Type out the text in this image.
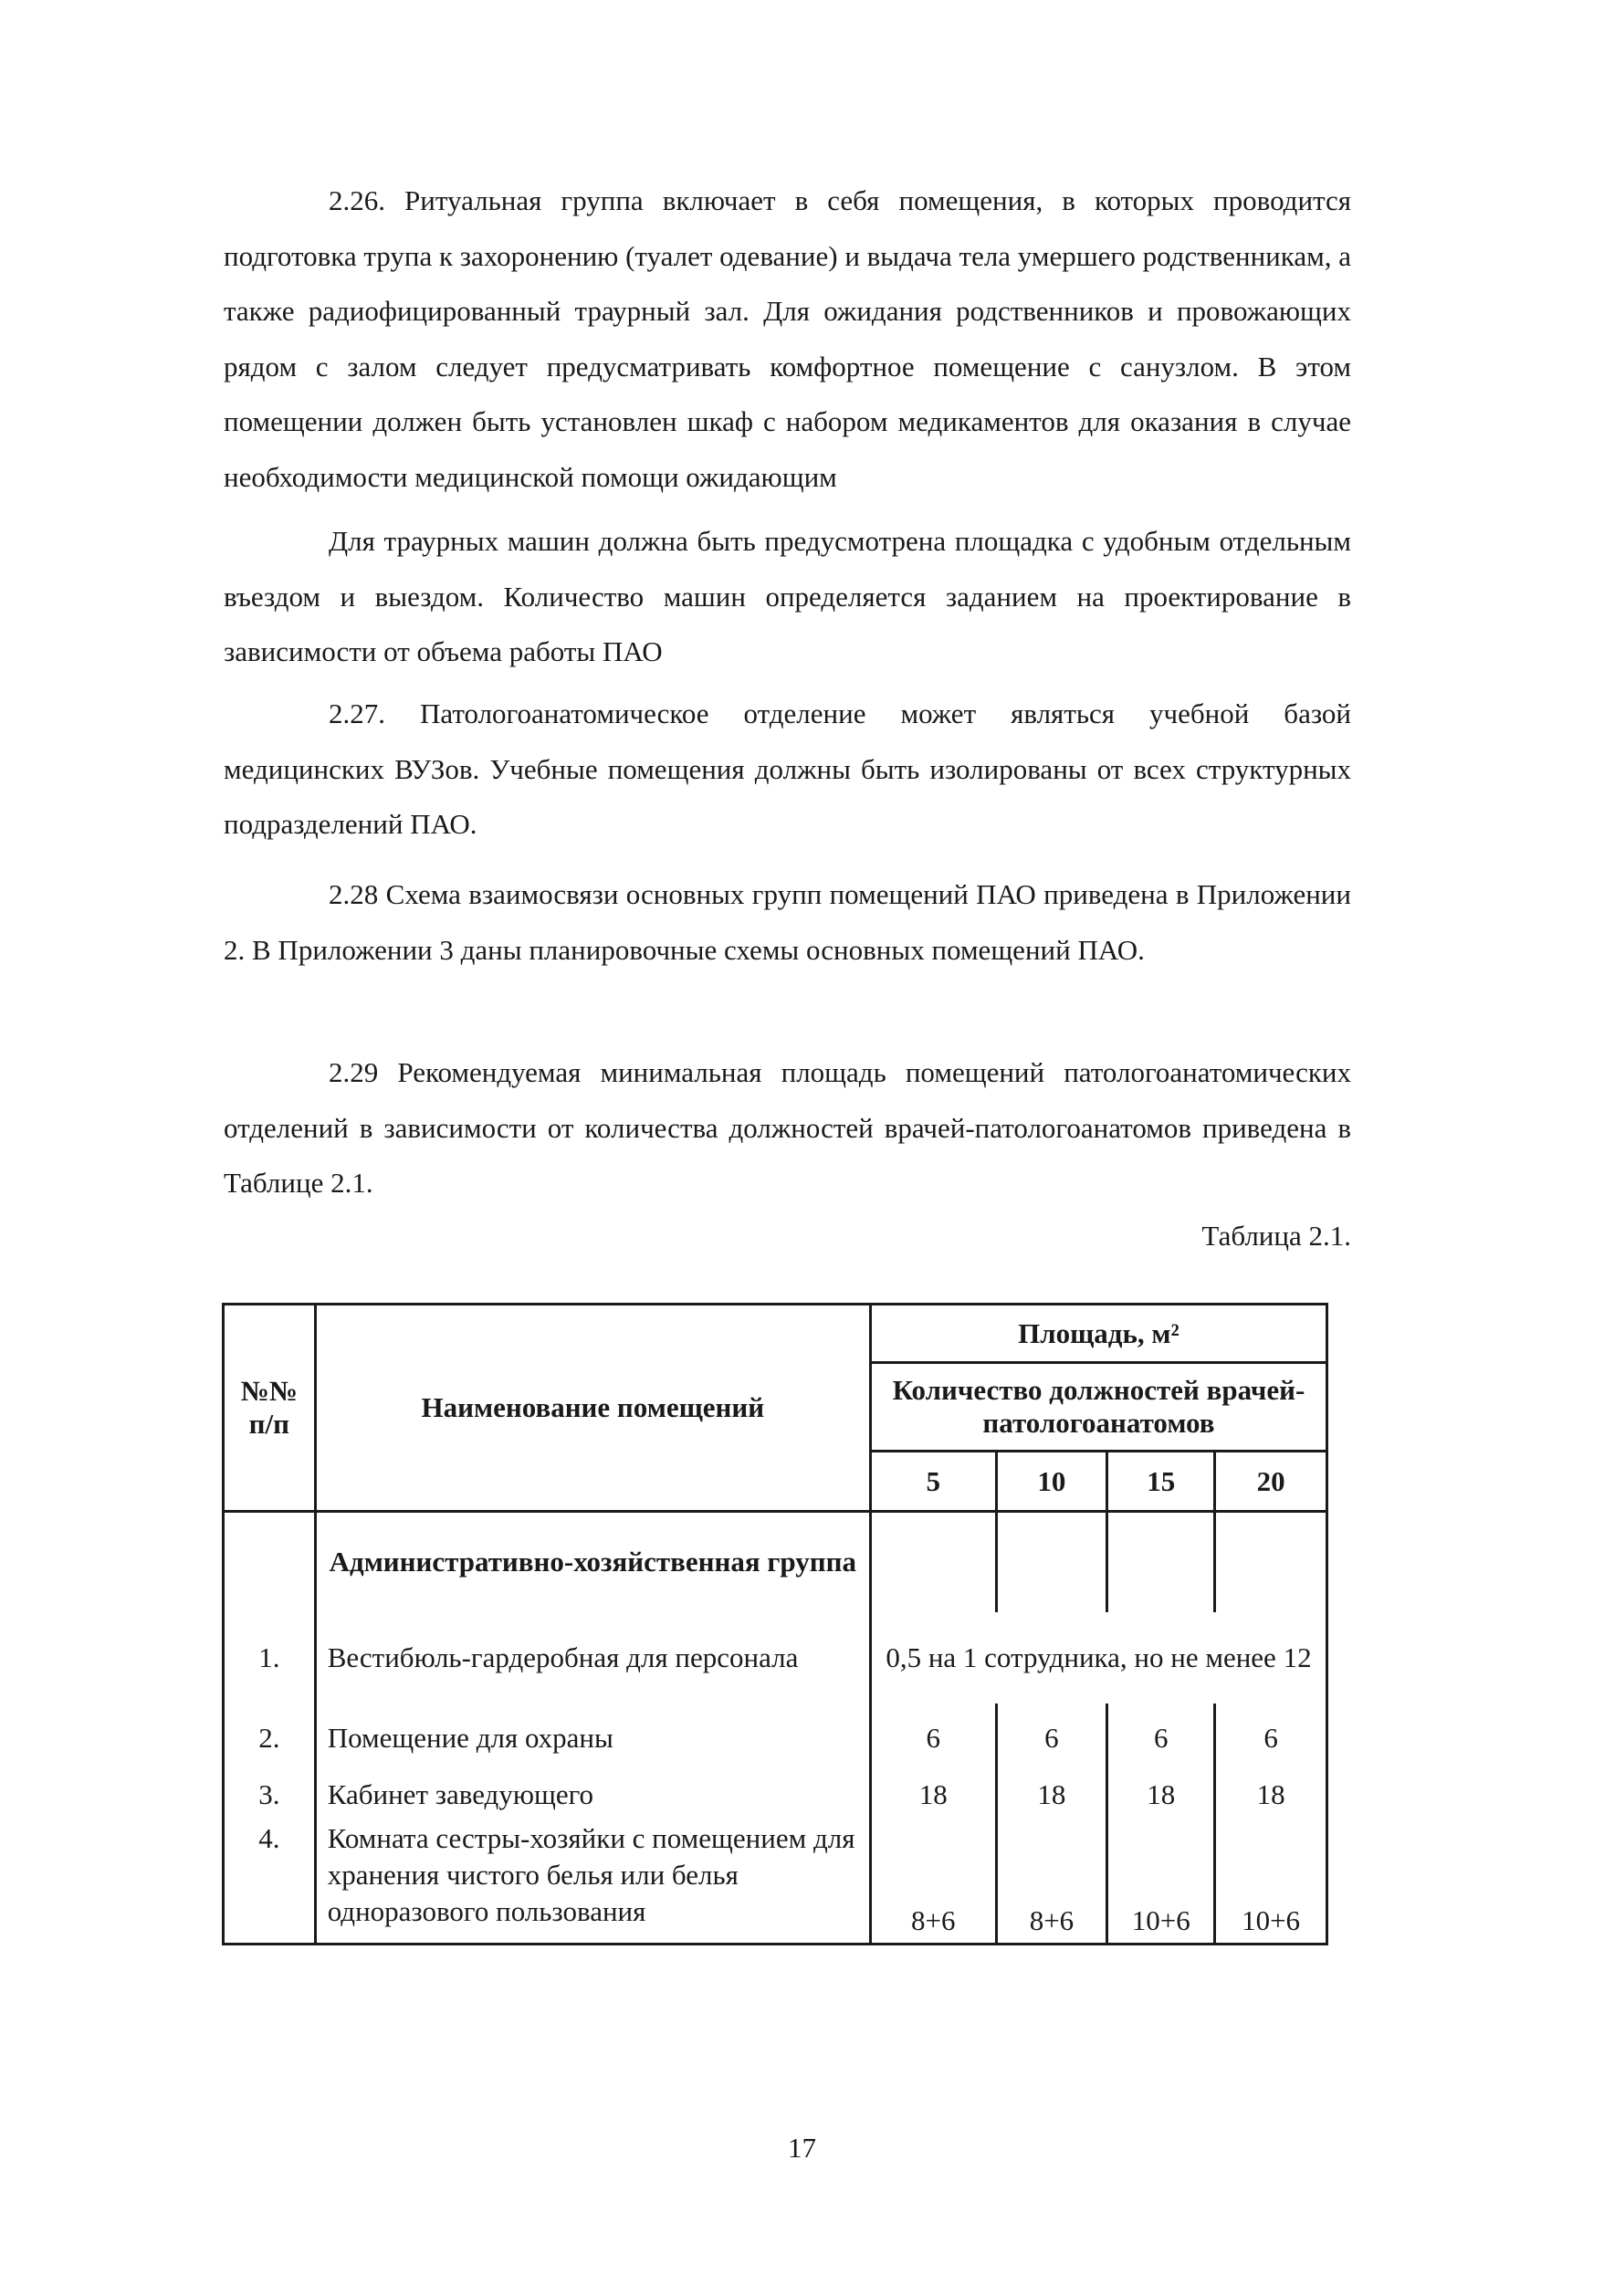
2.26. Ритуальная группа включает в себя помещения, в которых проводится подготовка трупа к захоронению (туалет одевание) и выдача тела умершего родственникам, а также радиофицированный траурный зал. Для ожидания родственников и провожающих рядом с залом следует предусматривать комфортное помещение с санузлом. В этом помещении должен быть установлен шкаф с набором медикаментов для оказания в случае необходимости медицинской помощи ожидающим

Для траурных машин должна быть предусмотрена площадка с удобным отдельным въездом и выездом. Количество машин определяется заданием на проектирование в зависимости от объема работы ПАО

2.27. Патологоанатомическое отделение может являться учебной базой медицинских ВУЗов. Учебные помещения должны быть изолированы от всех структурных подразделений ПАО.

2.28 Схема взаимосвязи основных групп помещений ПАО приведена в Приложении 2. В Приложении 3 даны планировочные схемы основных помещений ПАО.

2.29 Рекомендуемая минимальная площадь помещений патологоанатомических отделений в зависимости от количества должностей врачей-патологоанатомов приведена в Таблице 2.1.

Таблица 2.1.

№№ п/п	Наименование помещений	Площадь, м²			
		Количество должностей врачей-патологоанатомов			
		5	10	15	20
	Административно-хозяйственная группа				
1.	Вестибюль-гардеробная для персонала	0,5 на 1 сотрудника, но не менее 12			
2.	Помещение для охраны	6	6	6	6
3.	Кабинет заведующего	18	18	18	18
4.	Комната сестры-хозяйки с помещением для хранения чистого белья или белья одноразового пользования	8+6	8+6	10+6	10+6

17
